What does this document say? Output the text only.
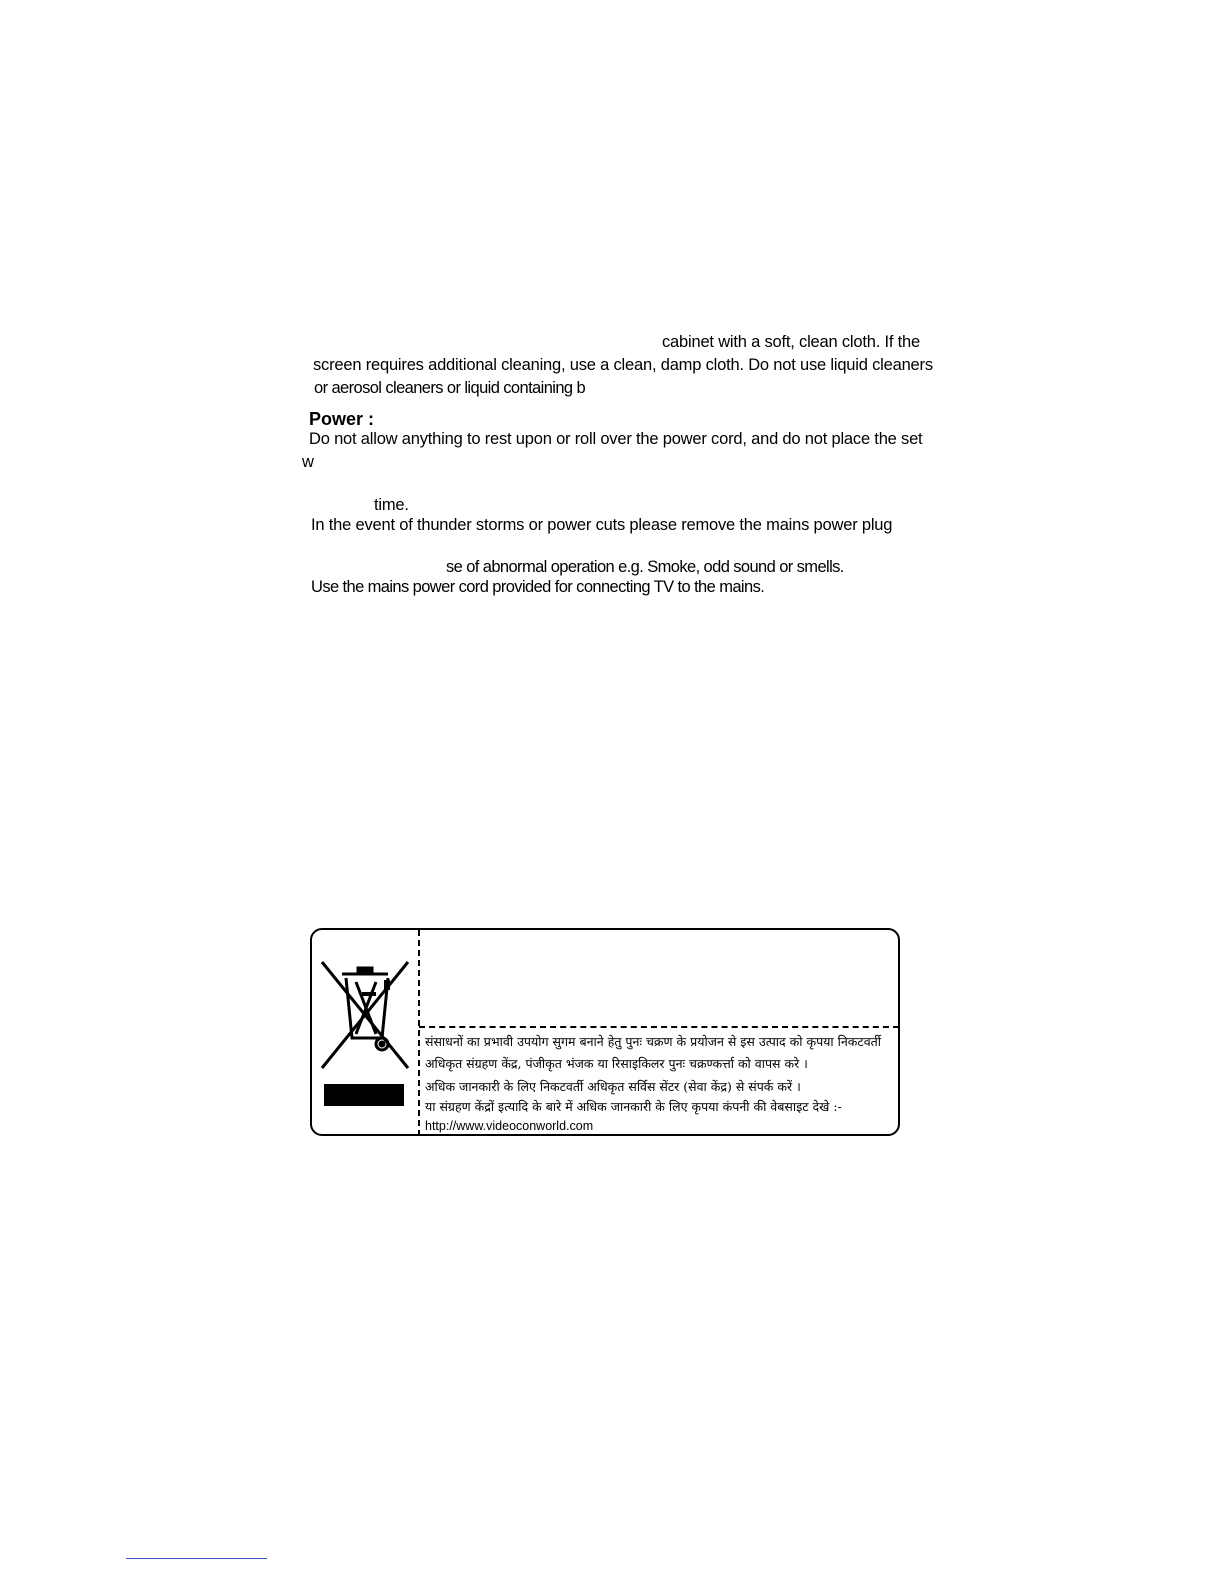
cabinet with a soft, clean cloth. If the
screen requires additional cleaning, use a clean, damp cloth. Do not use liquid cleaners
or aerosol cleaners or liquid containing b
Power :
Do not allow anything to rest upon or roll over the power cord, and do not place the set
w
time.
In the event of thunder storms or power cuts please remove the mains power plug
se of abnormal operation e.g. Smoke, odd sound or smells.
Use the mains power cord provided for connecting TV to the mains.
संसाधनों का प्रभावी उपयोग सुगम बनाने हेतु पुनः चक्रण के प्रयोजन से इस उत्पाद को कृपया निकटवर्ती
अधिकृत संग्रहण केंद्र, पंजीकृत भंजक या रिसाइकिलर पुनः चक्रण्कर्त्ता को वापस करे ।
अधिक जानकारी के लिए निकटवर्ती अधिकृत सर्विस सेंटर (सेवा केंद्र) से संपर्क करें ।
या संग्रहण केंद्रों इत्यादि के बारे में अधिक जानकारी के लिए कृपया कंपनी की वेबसाइट देखे :-
http://www.videoconworld.com
